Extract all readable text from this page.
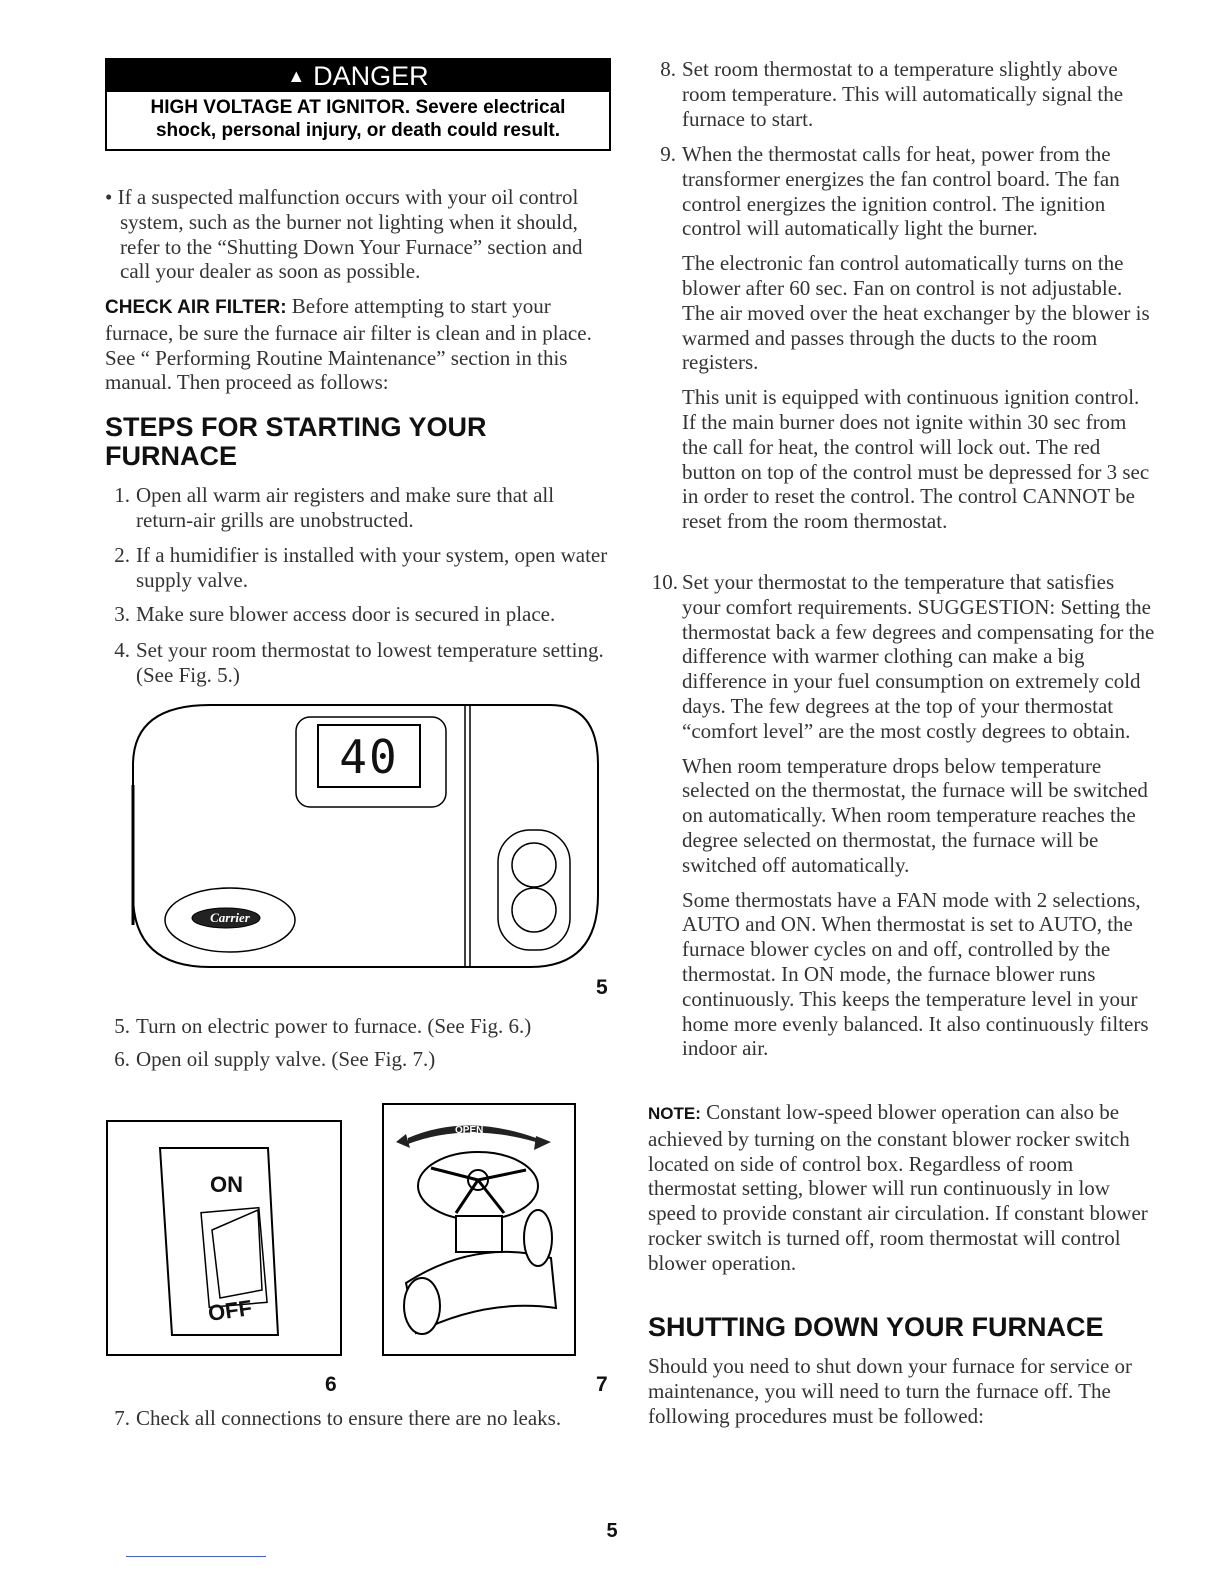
▲ DANGER
HIGH VOLTAGE AT IGNITOR. Severe electrical
shock, personal injury, or death could result.

• If a suspected malfunction occurs with your oil control system, such as the burner not lighting when it should, refer to the “Shutting Down Your Furnace” section and call your dealer as soon as possible.

CHECK AIR FILTER: Before attempting to start your furnace, be sure the furnace air filter is clean and in place. See “ Performing Routine Maintenance” section in this manual. Then proceed as follows:

STEPS FOR STARTING YOUR
FURNACE
1. Open all warm air registers and make sure that all return-air grills are unobstructed.
2. If a humidifier is installed with your system, open water supply valve.
3. Make sure blower access door is secured in place.
4. Set your room thermostat to lowest temperature setting. (See Fig. 5.)
40
Carrier
5
5. Turn on electric power to furnace. (See Fig. 6.)
6. Open oil supply valve. (See Fig. 7.)
ON
OFF
6
OPEN
7
7. Check all connections to ensure there are no leaks.
8. Set room thermostat to a temperature slightly above room temperature. This will automatically signal the furnace to start.

9. When the thermostat calls for heat, power from the transformer energizes the fan control board. The fan control energizes the ignition control. The ignition control will automatically light the burner.

The electronic fan control automatically turns on the blower after 60 sec. Fan on control is not adjustable. The air moved over the heat exchanger by the blower is warmed and passes through the ducts to the room registers.

This unit is equipped with continuous ignition control. If the main burner does not ignite within 30 sec from the call for heat, the control will lock out. The red button on top of the control must be depressed for 3 sec in order to reset the control. The control CANNOT be reset from the room thermostat.

10. Set your thermostat to the temperature that satisfies your comfort requirements. SUGGESTION: Setting the thermostat back a few degrees and compensating for the difference with warmer clothing can make a big difference in your fuel consumption on extremely cold days. The few degrees at the top of your thermostat “comfort level” are the most costly degrees to obtain.

When room temperature drops below temperature selected on the thermostat, the furnace will be switched on automatically. When room temperature reaches the degree selected on thermostat, the furnace will be switched off automatically.

Some thermostats have a FAN mode with 2 selections, AUTO and ON. When thermostat is set to AUTO, the furnace blower cycles on and off, controlled by the thermostat. In ON mode, the furnace blower runs continuously. This keeps the temperature level in your home more evenly balanced. It also continuously filters indoor air.

NOTE: Constant low-speed blower operation can also be achieved by turning on the constant blower rocker switch located on side of control box. Regardless of room thermostat setting, blower will run continuously in low speed to provide constant air circulation. If constant blower rocker switch is turned off, room thermostat will control blower operation.

SHUTTING DOWN YOUR FURNACE

Should you need to shut down your furnace for service or maintenance, you will need to turn the furnace off. The following procedures must be followed:

5
